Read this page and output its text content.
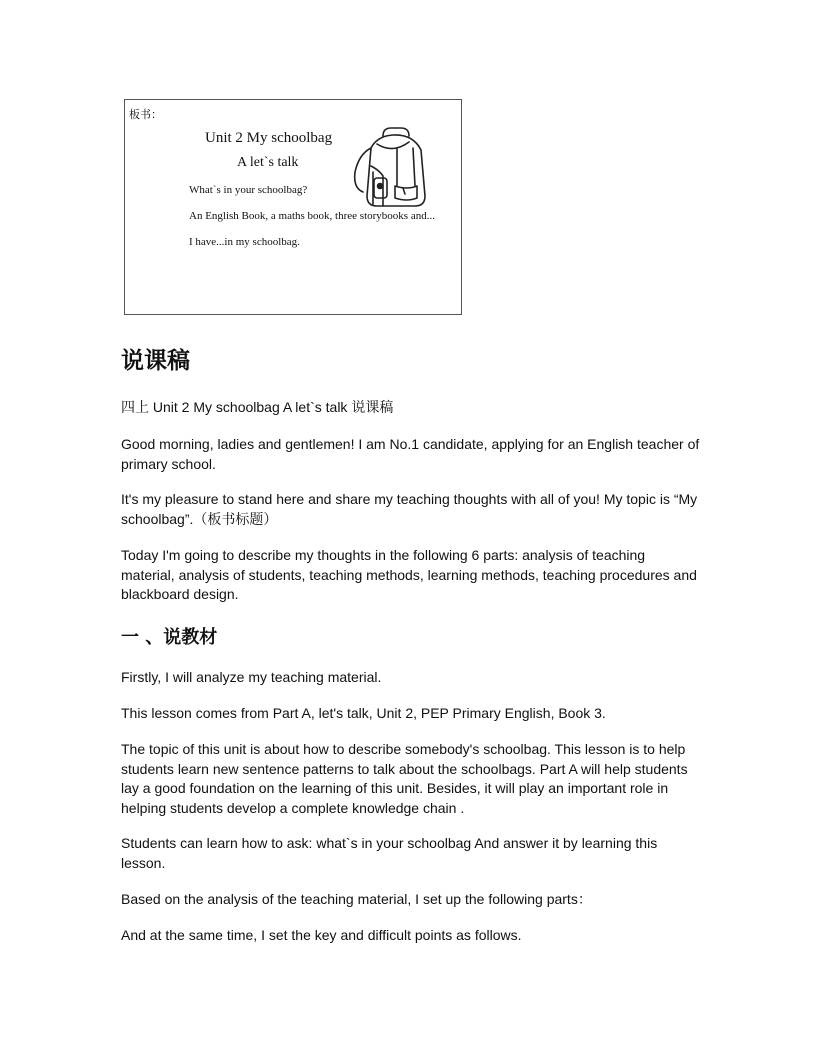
板书：
Unit 2 My schoolbag
A let`s talk
What`s in your schoolbag?
An English Book, a maths book, three storybooks and...
I have...in my schoolbag.
说课稿

四上 Unit 2 My schoolbag A let`s talk 说课稿

Good morning, ladies and gentlemen! I am No.1 candidate, applying for an English teacher of primary school.

It's my pleasure to stand here and share my teaching thoughts with all of you! My topic is “My schoolbag”.（板书标题）

Today I'm going to describe my thoughts in the following 6 parts: analysis of teaching material, analysis of students, teaching methods, learning methods, teaching procedures and blackboard design.

一 、说教材

Firstly, I will analyze my teaching material.

This lesson comes from Part A, let's talk, Unit 2, PEP Primary English, Book 3.

The topic of this unit is about how to describe somebody's schoolbag. This lesson is to help students learn new sentence patterns to talk about the schoolbags. Part A will help students lay a good foundation on the learning of this unit. Besides, it will play an important role in helping students develop a complete knowledge chain .

Students can learn how to ask: what`s in your schoolbag And answer it by learning this lesson.

Based on the analysis of the teaching material, I set up the following parts：

And at the same time, I set the key and difficult points as follows.
